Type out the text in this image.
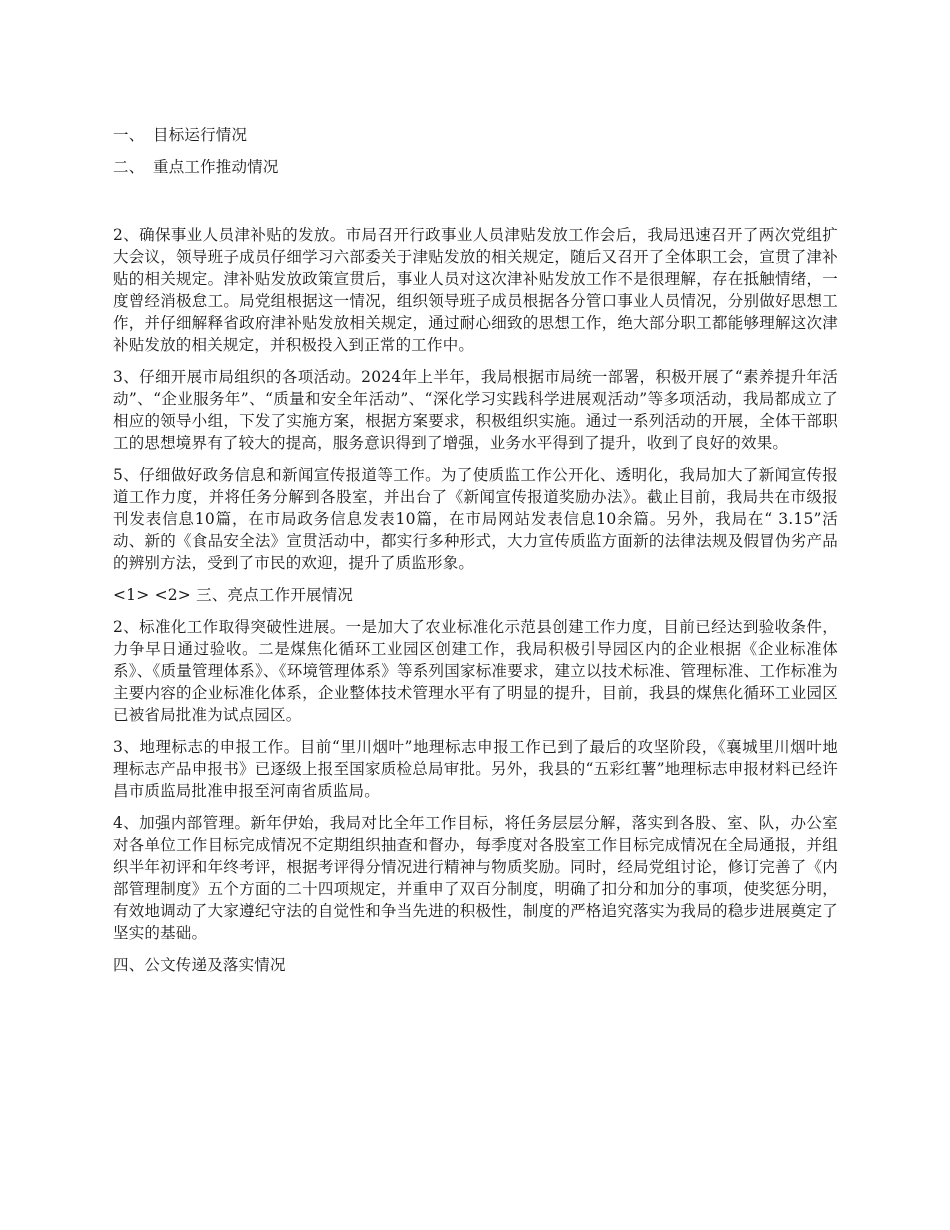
一、 目标运行情况
二、 重点工作推动情况

2、确保事业人员津补贴的发放。市局召开行政事业人员津贴发放工作会后，我局迅速召开了两次党组扩大会议，领导班子成员仔细学习六部委关于津贴发放的相关规定，随后又召开了全体职工会，宣贯了津补贴的相关规定。津补贴发放政策宣贯后，事业人员对这次津补贴发放工作不是很理解，存在抵触情绪，一度曾经消极怠工。局党组根据这一情况，组织领导班子成员根据各分管口事业人员情况，分别做好思想工作，并仔细解释省政府津补贴发放相关规定，通过耐心细致的思想工作，绝大部分职工都能够理解这次津补贴发放的相关规定，并积极投入到正常的工作中。

3、仔细开展市局组织的各项活动。2024年上半年，我局根据市局统一部署，积极开展了“素养提升年活动”、“企业服务年”、“质量和安全年活动”、“深化学习实践科学进展观活动”等多项活动，我局都成立了相应的领导小组，下发了实施方案，根据方案要求，积极组织实施。通过一系列活动的开展，全体干部职工的思想境界有了较大的提高，服务意识得到了增强，业务水平得到了提升，收到了良好的效果。

5、仔细做好政务信息和新闻宣传报道等工作。为了使质监工作公开化、透明化，我局加大了新闻宣传报道工作力度，并将任务分解到各股室，并出台了《新闻宣传报道奖励办法》。截止目前，我局共在市级报刊发表信息10篇，在市局政务信息发表10篇，在市局网站发表信息10余篇。另外，我局在“ 3.15”活动、新的《食品安全法》宣贯活动中，都实行多种形式，大力宣传质监方面新的法律法规及假冒伪劣产品的辨别方法，受到了市民的欢迎，提升了质监形象。

<1> <2> 三、亮点工作开展情况

2、标准化工作取得突破性进展。一是加大了农业标准化示范县创建工作力度，目前已经达到验收条件，力争早日通过验收。二是煤焦化循环工业园区创建工作，我局积极引导园区内的企业根据《企业标准体系》、《质量管理体系》、《环境管理体系》等系列国家标准要求，建立以技术标准、管理标准、工作标准为主要内容的企业标准化体系，企业整体技术管理水平有了明显的提升，目前，我县的煤焦化循环工业园区已被省局批准为试点园区。

3、地理标志的申报工作。目前“里川烟叶”地理标志申报工作已到了最后的攻坚阶段，《襄城里川烟叶地理标志产品申报书》已逐级上报至国家质检总局审批。另外，我县的“五彩红薯”地理标志申报材料已经许昌市质监局批准申报至河南省质监局。

4、加强内部管理。新年伊始，我局对比全年工作目标，将任务层层分解，落实到各股、室、队，办公室对各单位工作目标完成情况不定期组织抽查和督办，每季度对各股室工作目标完成情况在全局通报，并组织半年初评和年终考评，根据考评得分情况进行精神与物质奖励。同时，经局党组讨论，修订完善了《内部管理制度》五个方面的二十四项规定，并重申了双百分制度，明确了扣分和加分的事项，使奖惩分明，有效地调动了大家遵纪守法的自觉性和争当先进的积极性，制度的严格追究落实为我局的稳步进展奠定了坚实的基础。

四、公文传递及落实情况
